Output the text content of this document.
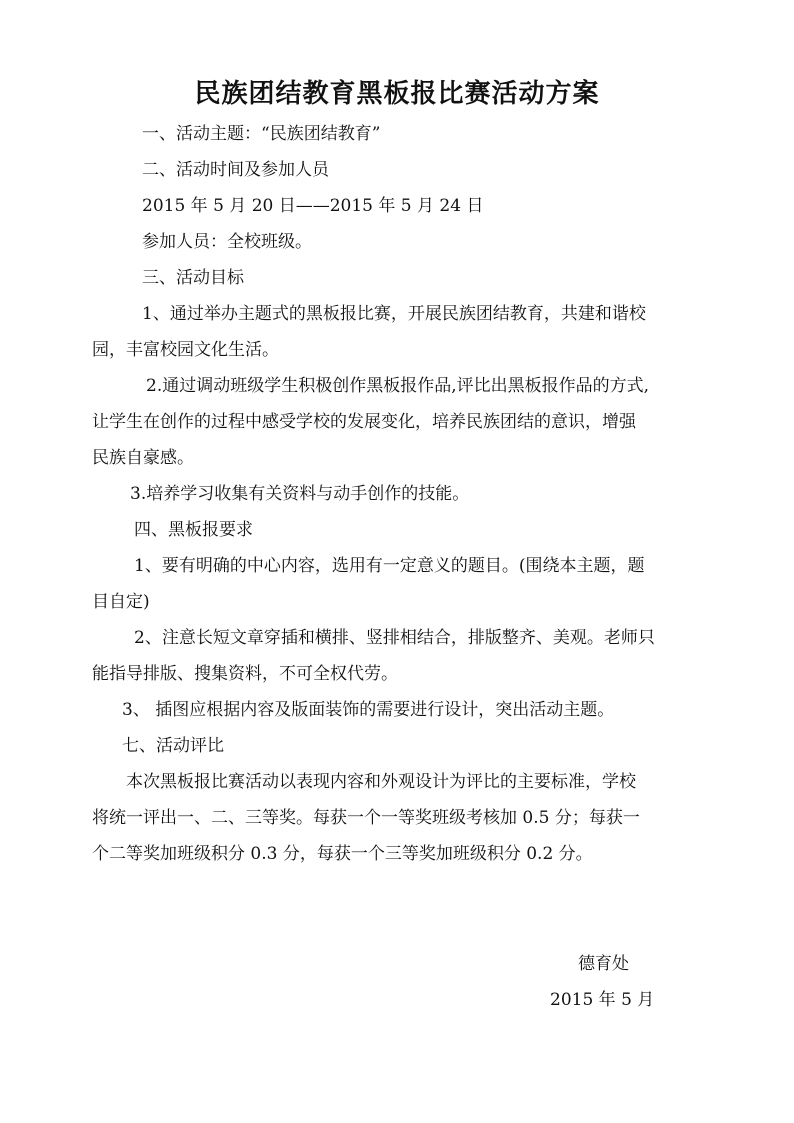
民族团结教育黑板报比赛活动方案

一、活动主题：“民族团结教育”

二、活动时间及参加人员

2015 年 5 月 20 日——2015 年 5 月 24 日

参加人员：全校班级。

三、活动目标

1、通过举办主题式的黑板报比赛，开展民族团结教育，共建和谐校

园，丰富校园文化生活。

2.通过调动班级学生积极创作黑板报作品,评比出黑板报作品的方式,

让学生在创作的过程中感受学校的发展变化，培养民族团结的意识，增强

民族自豪感。

3.培养学习收集有关资料与动手创作的技能。

四、黑板报要求

1、要有明确的中心内容，选用有一定意义的题目。(围绕本主题，题

目自定)

2、注意长短文章穿插和横排、竖排相结合，排版整齐、美观。老师只

能指导排版、搜集资料，不可全权代劳。

3、 插图应根据内容及版面装饰的需要进行设计，突出活动主题。

七、活动评比

本次黑板报比赛活动以表现内容和外观设计为评比的主要标准，学校

将统一评出一、二、三等奖。每获一个一等奖班级考核加 0.5 分；每获一

个二等奖加班级积分 0.3 分，每获一个三等奖加班级积分 0.2 分。

德育处

2015 年 5 月
